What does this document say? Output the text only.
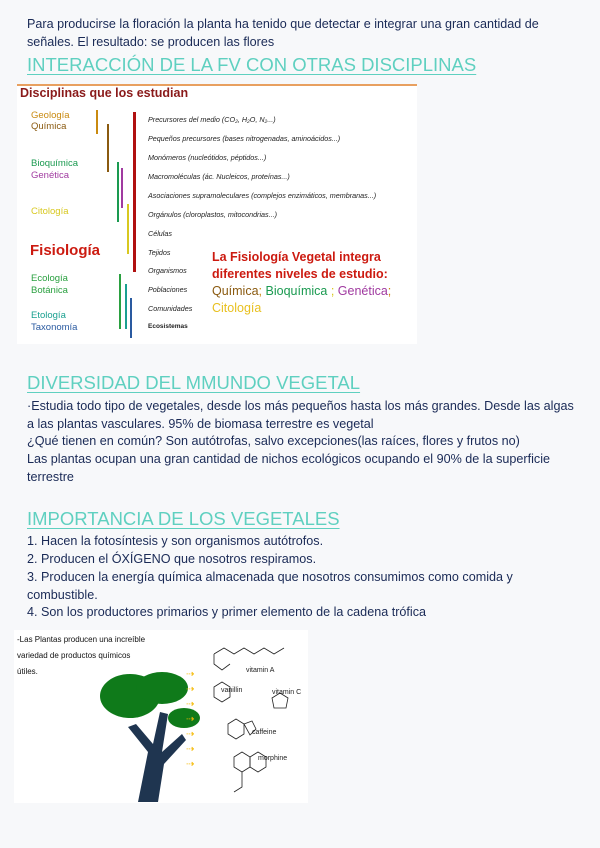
Para producirse la floración la planta ha tenido que detectar e integrar una gran cantidad de señales. El resultado: se producen las flores

INTERACCIÓN DE LA FV CON OTRAS DISCIPLINAS
Disciplinas que los estudian
Geología
Química
Bioquímica
Genética
Citología
Fisiología
Ecología
Botánica
Etología
Taxonomía
Precursores del medio (CO₂, H₂O, N₂...)
Pequeños precursores (bases nitrogenadas, aminoácidos...)
Monómeros (nucleótidos, péptidos...)
Macromoléculas (ác. Nucleicos, proteínas...)
Asociaciones supramoleculares (complejos enzimáticos, membranas...)
Orgánulos (cloroplastos, mitocondrias...)
Células
Tejidos
Organismos
Poblaciones
Comunidades
Ecosistemas
La Fisiología Vegetal integra diferentes niveles de estudio:
Química; Bioquímica ; Genética;
Citología
DIVERSIDAD DEL MMUNDO VEGETAL

·Estudia todo tipo de vegetales, desde los más pequeños hasta los más grandes. Desde las algas a las plantas vasculares. 95% de biomasa terrestre es vegetal

¿Qué tienen en común? Son autótrofas, salvo excepciones(las raíces, flores y frutos no)

Las plantas ocupan una gran cantidad de nichos ecológicos ocupando el 90% de la superficie terrestre

IMPORTANCIA DE LOS VEGETALES

1. Hacen la fotosíntesis y son organismos autótrofos.

2. Producen el ÓXÍGENO que nosotros respiramos.

3. Producen la energía química almacenada que nosotros consumimos como comida y combustible.

4. Son los productores primarios y primer elemento de la cadena trófica

-Las Plantas producen una increíble
variedad de productos químicos
útiles.	⇢
⇢
⇢
⇢
⇢
⇢
⇢
vitamin A
vanillin	vitamin C
caffeine
morphine
